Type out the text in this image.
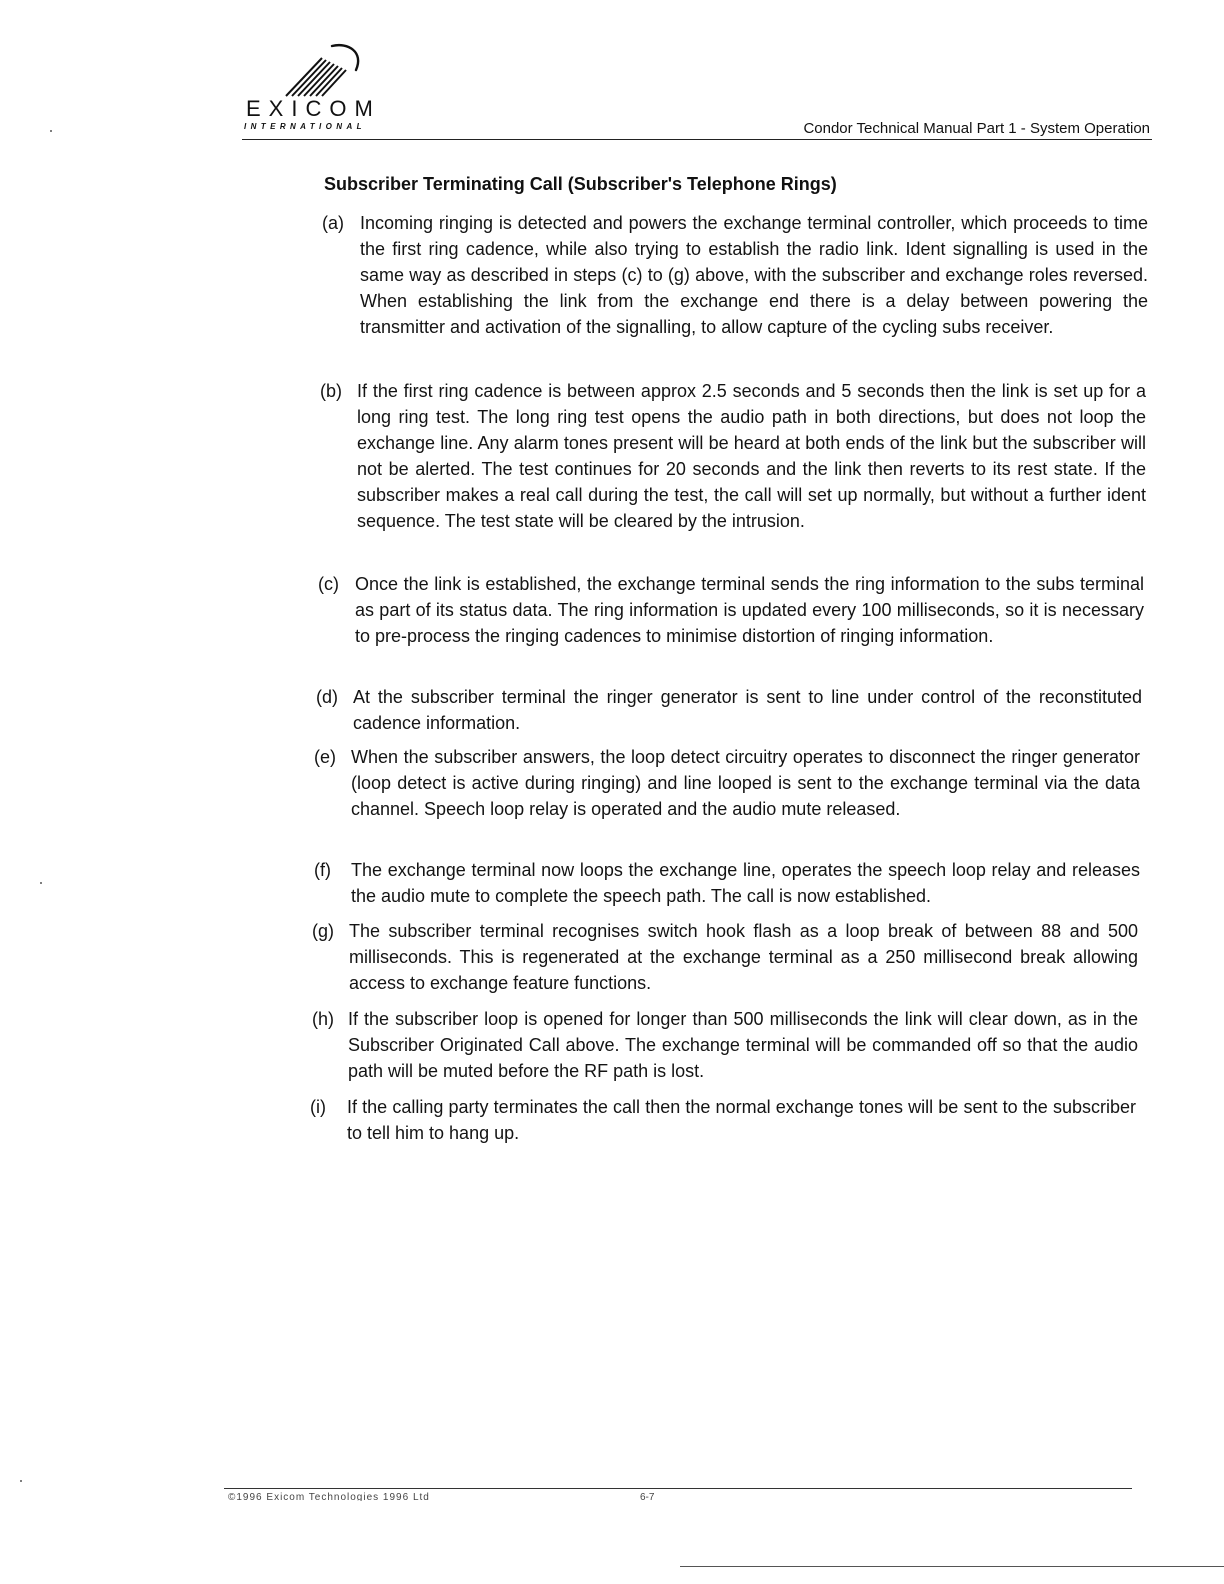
EXICOM
INTERNATIONAL	Condor Technical Manual Part 1 - System Operation
Subscriber Terminating Call (Subscriber's Telephone Rings)
(a) Incoming ringing is detected and powers the exchange terminal controller, which proceeds to time the first ring cadence, while also trying to establish the radio link. Ident signalling is used in the same way as described in steps (c) to (g) above, with the subscriber and exchange roles reversed. When establishing the link from the exchange end there is a delay between powering the transmitter and activation of the signalling, to allow capture of the cycling subs receiver.
(b) If the first ring cadence is between approx 2.5 seconds and 5 seconds then the link is set up for a long ring test. The long ring test opens the audio path in both directions, but does not loop the exchange line. Any alarm tones present will be heard at both ends of the link but the subscriber will not be alerted. The test continues for 20 seconds and the link then reverts to its rest state. If the subscriber makes a real call during the test, the call will set up normally, but without a further ident sequence. The test state will be cleared by the intrusion.
(c) Once the link is established, the exchange terminal sends the ring information to the subs terminal as part of its status data. The ring information is updated every 100 milliseconds, so it is necessary to pre-process the ringing cadences to minimise distortion of ringing information.
(d) At the subscriber terminal the ringer generator is sent to line under control of the reconstituted cadence information.
(e) When the subscriber answers, the loop detect circuitry operates to disconnect the ringer generator (loop detect is active during ringing) and line looped is sent to the exchange terminal via the data channel. Speech loop relay is operated and the audio mute released.
(f) The exchange terminal now loops the exchange line, operates the speech loop relay and releases the audio mute to complete the speech path. The call is now established.
(g) The subscriber terminal recognises switch hook flash as a loop break of between 88 and 500 milliseconds. This is regenerated at the exchange terminal as a 250 millisecond break allowing access to exchange feature functions.
(h) If the subscriber loop is opened for longer than 500 milliseconds the link will clear down, as in the Subscriber Originated Call above. The exchange terminal will be commanded off so that the audio path will be muted before the RF path is lost.
(i) If the calling party terminates the call then the normal exchange tones will be sent to the subscriber to tell him to hang up.
©1996 Exicom Technologies 1996 Ltd	6-7
